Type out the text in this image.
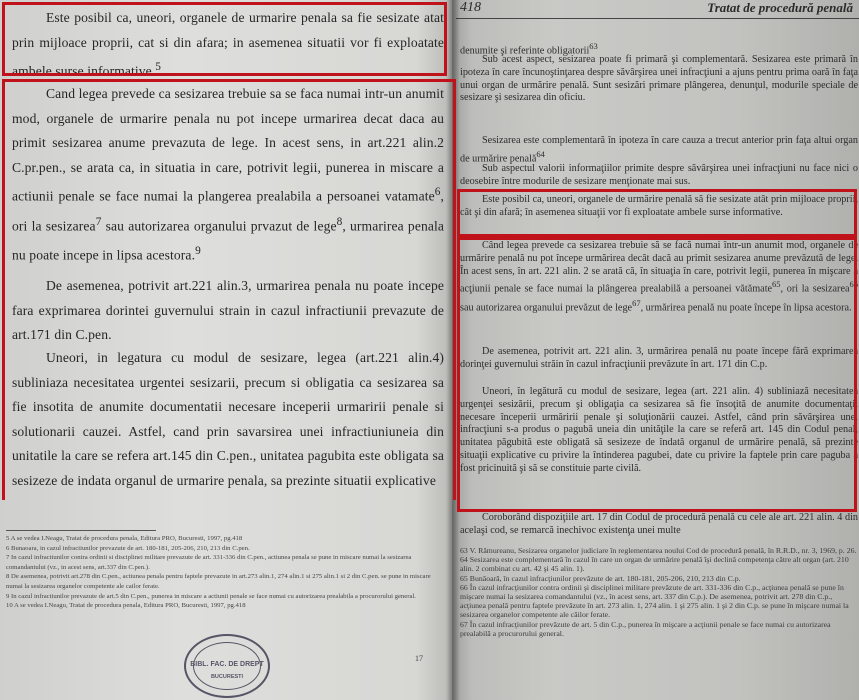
Este posibil ca, uneori, organele de urmarire penala sa fie sesizate atat prin mijloace proprii, cat si din afara; in asemenea situatii vor fi exploatate ambele surse informative.$^5$

Cand legea prevede ca sesizarea trebuie sa se faca numai intr-un anumit mod, organele de urmarire penala nu pot incepe urmarirea decat daca au primit sesizarea anume prevazuta de lege. In acest sens, in art.221 alin.2 C.pr.pen., se arata ca, in situatia in care, potrivit legii, punerea in miscare a actiunii penale se face numai la plangerea prealabila a persoanei vatamate$^6$, ori la sesizarea$^7$ sau autorizarea organului prvazut de lege$^8$, urmarirea penala nu poate incepe in lipsa acestora.$^9$

De asemenea, potrivit art.221 alin.3, urmarirea penala nu poate incepe fara exprimarea dorintei guvernului strain in cazul infractiunii prevazute de art.171 din C.pen.

Uneori, in legatura cu modul de sesizare, legea (art.221 alin.4) subliniaza necesitatea urgentei sesizarii, precum si obligatia ca sesizarea sa fie insotita de anumite documentatii necesare inceperii urmaririi penale si solutionarii cauzei. Astfel, cand prin savarsirea unei infractiuniuneia din unitatile la care se refera art.145 din C.pen., unitatea pagubita este obligata sa sesizeze de indata organul de urmarire penala, sa prezinte situatii explicative

5 A se vedea I.Neagu, Tratat de procedura penala, Editura PRO, Bucuresti, 1997, pg.418
6 Bunaoara, in cazul infractiunilor prevazute de art. 180-181, 205-206, 210, 213 din C.pen.
7 In cazul infractiunilor contra ordinii si disciplinei militare prevazute de art. 331-336 din C.pen., actiunea penala se pune in miscare numai la sesizarea comandantului (vz., in acest sens, art.337 din C.pen.).
8 De asemenea, potrivit art.278 din C.pen., actiunea penala pentru faptele prevazute in art.273 alin.1, 274 alin.1 si 275 alin.1 si 2 din C.pen. se pune in miscare numai la sesizarea organelor competente ale cailor ferate.
9 In cazul infractiunilor prevazute de art.5 din C.pen., punerea in miscare a actiunii penale se face numai cu autorizarea prealabila a procurorului general.
10 A se vedea I.Neagu, Tratat de procedura penala, Editura PRO, Bucuresti, 1997, pg.418
17
BIBL. FAC. DE DREPT
BUCURESTI
418	Tratat de procedură penală

denumite şi referinte obligatorii$^{63}$

Sub acest aspect, sesizarea poate fi primară şi complementară. Sesizarea este primară în ipoteza în care încunoştinţarea despre săvârşirea unei infracţiuni a ajuns pentru prima oară în faţa unui organ de urmărire penală. Sunt sesizări primare plângerea, denunţul, modurile speciale de sesizare şi sesizarea din oficiu.

Sesizarea este complementară în ipoteza în care cauza a trecut anterior prin faţa altui organ de urmărire penală$^{64}$

Sub aspectul valorii informaţiilor primite despre săvârşirea unei infracţiuni nu face nici o deosebire între modurile de sesizare menţionate mai sus.

Este posibil ca, uneori, organele de urmărire penală să fie sesizate atât prin mijloace proprii, cât şi din afară; în asemenea situaţii vor fi exploatate ambele surse informative.

Când legea prevede ca sesizarea trebuie să se facă numai într-un anumit mod, organele de urmărire penală nu pot începe urmărirea decât dacă au primit sesizarea anume prevăzută de lege. În acest sens, în art. 221 alin. 2 se arată că, în situaţia în care, potrivit legii, punerea în mişcare a acţiunii penale se face numai la plângerea prealabilă a persoanei vătămate$^{65}$, ori la sesizarea$^{66}$ sau autorizarea organului prevăzut de lege$^{67}$, urmărirea penală nu poate începe în lipsa acestora.

De asemenea, potrivit art. 221 alin. 3, urmărirea penală nu poate începe fără exprimarea dorinţei guvernului străin în cazul infracţiunii prevăzute în art. 171 din C.p.

Uneori, în legătură cu modul de sesizare, legea (art. 221 alin. 4) subliniază necesitatea urgenţei sesizării, precum şi obligaţia ca sesizarea să fie însoţită de anumite documentaţii necesare începerii urmăririi penale şi soluţionării cauzei. Astfel, când prin săvârşirea unei infracţiuni s-a produs o pagubă uneia din unităţile la care se referă art. 145 din Codul penal, unitatea păgubită este obligată să sesizeze de îndată organul de urmărire penală, să prezinte situaţii explicative cu privire la întinderea pagubei, date cu privire la faptele prin care paguba a fost pricinuită şi să se constituie parte civilă.

Coroborând dispoziţiile art. 17 din Codul de procedură penală cu cele ale art. 221 alin. 4 din acelaşi cod, se remarcă inechivoc existenţa unei multe

63 V. Rămureanu, Sesizarea organelor judiciare în reglementarea noului Cod de procedură penală, în R.R.D., nr. 3, 1969, p. 26.
64 Sesizarea este complementară în cazul în care un organ de urmărire penală îşi declină competenţa către alt organ (art. 210 alin. 2 combinat cu art. 42 şi 45 alin. 1).
65 Bunăoară, în cazul infracţiunilor prevăzute de art. 180-181, 205-206, 210, 213 din C.p.
66 În cazul infracţiunilor contra ordinii şi disciplinei militare prevăzute de art. 331-336 din C.p., acţiunea penală se pune în mişcare numai la sesizarea comandantului (vz., în acest sens, art. 337 din C.p.). De asemenea, potrivit art. 278 din C.p., acţiunea penală pentru faptele prevăzute în art. 273 alin. 1, 274 alin. 1 şi 275 alin. 1 şi 2 din C.p. se pune în mişcare numai la sesizarea organelor competente ale căilor ferate.
67 În cazul infracţiunilor prevăzute de art. 5 din C.p., punerea în mişcare a acţiunii penale se face numai cu autorizarea prealabilă a procurorului general.
